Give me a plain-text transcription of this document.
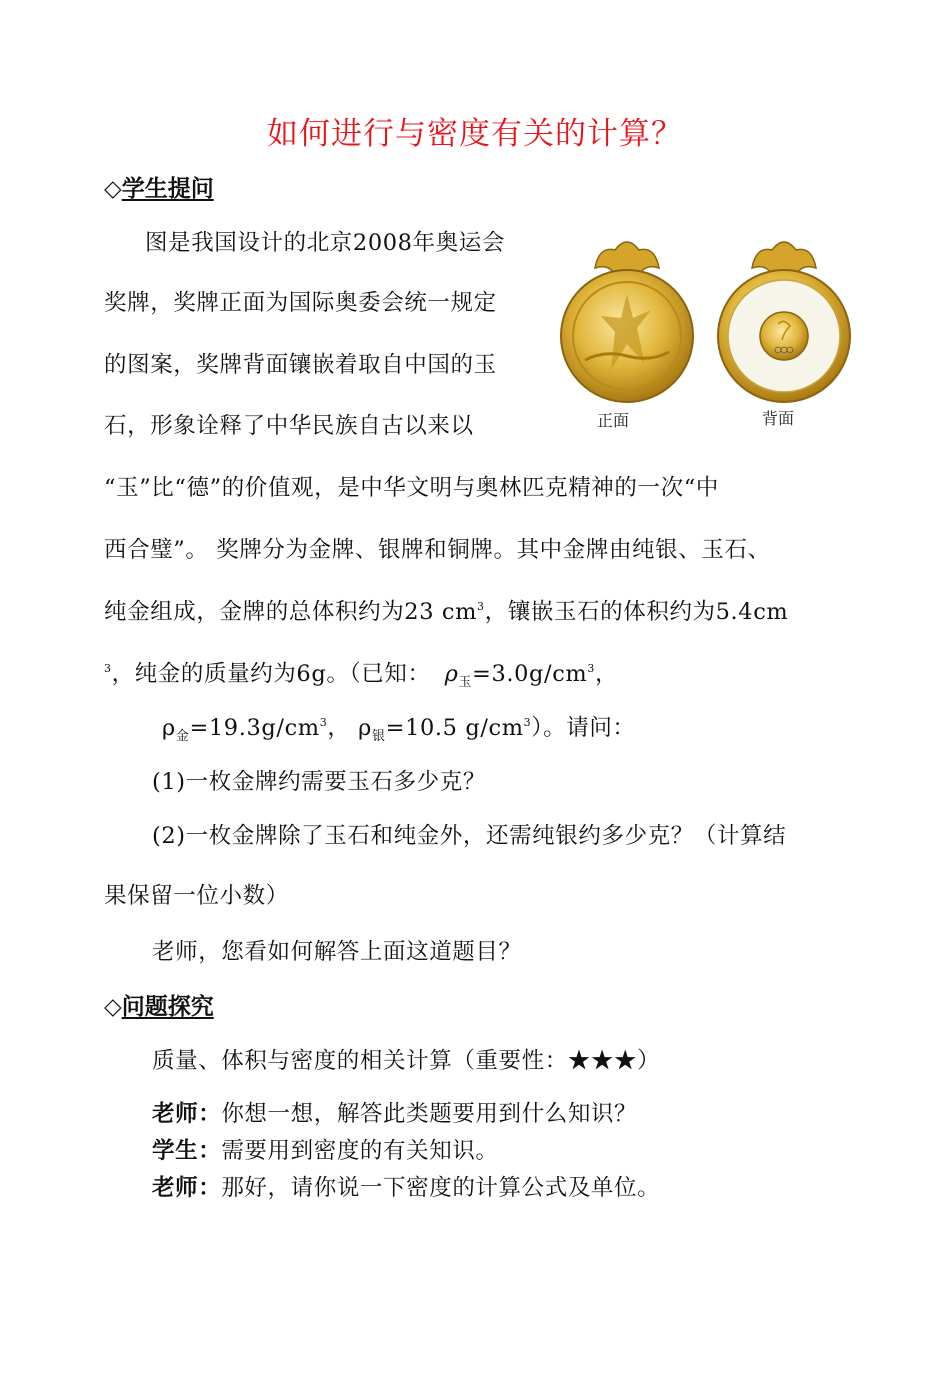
如何进行与密度有关的计算？
◇学生提问
图是我国设计的北京2008年奥运会
奖牌，奖牌正面为国际奥委会统一规定
的图案，奖牌背面镶嵌着取自中国的玉
石，形象诠释了中华民族自古以来以	正面	背面
“玉”比“德”的价值观，是中华文明与奥林匹克精神的一次“中
西合璧”。 奖牌分为金牌、银牌和铜牌。其中金牌由纯银、玉石、
纯金组成，金牌的总体积约为23 $cm^3$，镶嵌玉石的体积约为5.4cm
$^3$，纯金的质量约为6g。（已知： $\rho_玉=3.0g/cm^3$，
$\rho_金=19.3g/cm^3$， $\rho_银=10.5$ $g/cm^3$）。请问：
(1)一枚金牌约需要玉石多少克？
(2)一枚金牌除了玉石和纯金外，还需纯银约多少克？（计算结
果保留一位小数）
老师，您看如何解答上面这道题目？
◇问题探究
质量、体积与密度的相关计算（重要性：★★★）
老师：你想一想，解答此类题要用到什么知识？
学生：需要用到密度的有关知识。
老师：那好，请你说一下密度的计算公式及单位。
